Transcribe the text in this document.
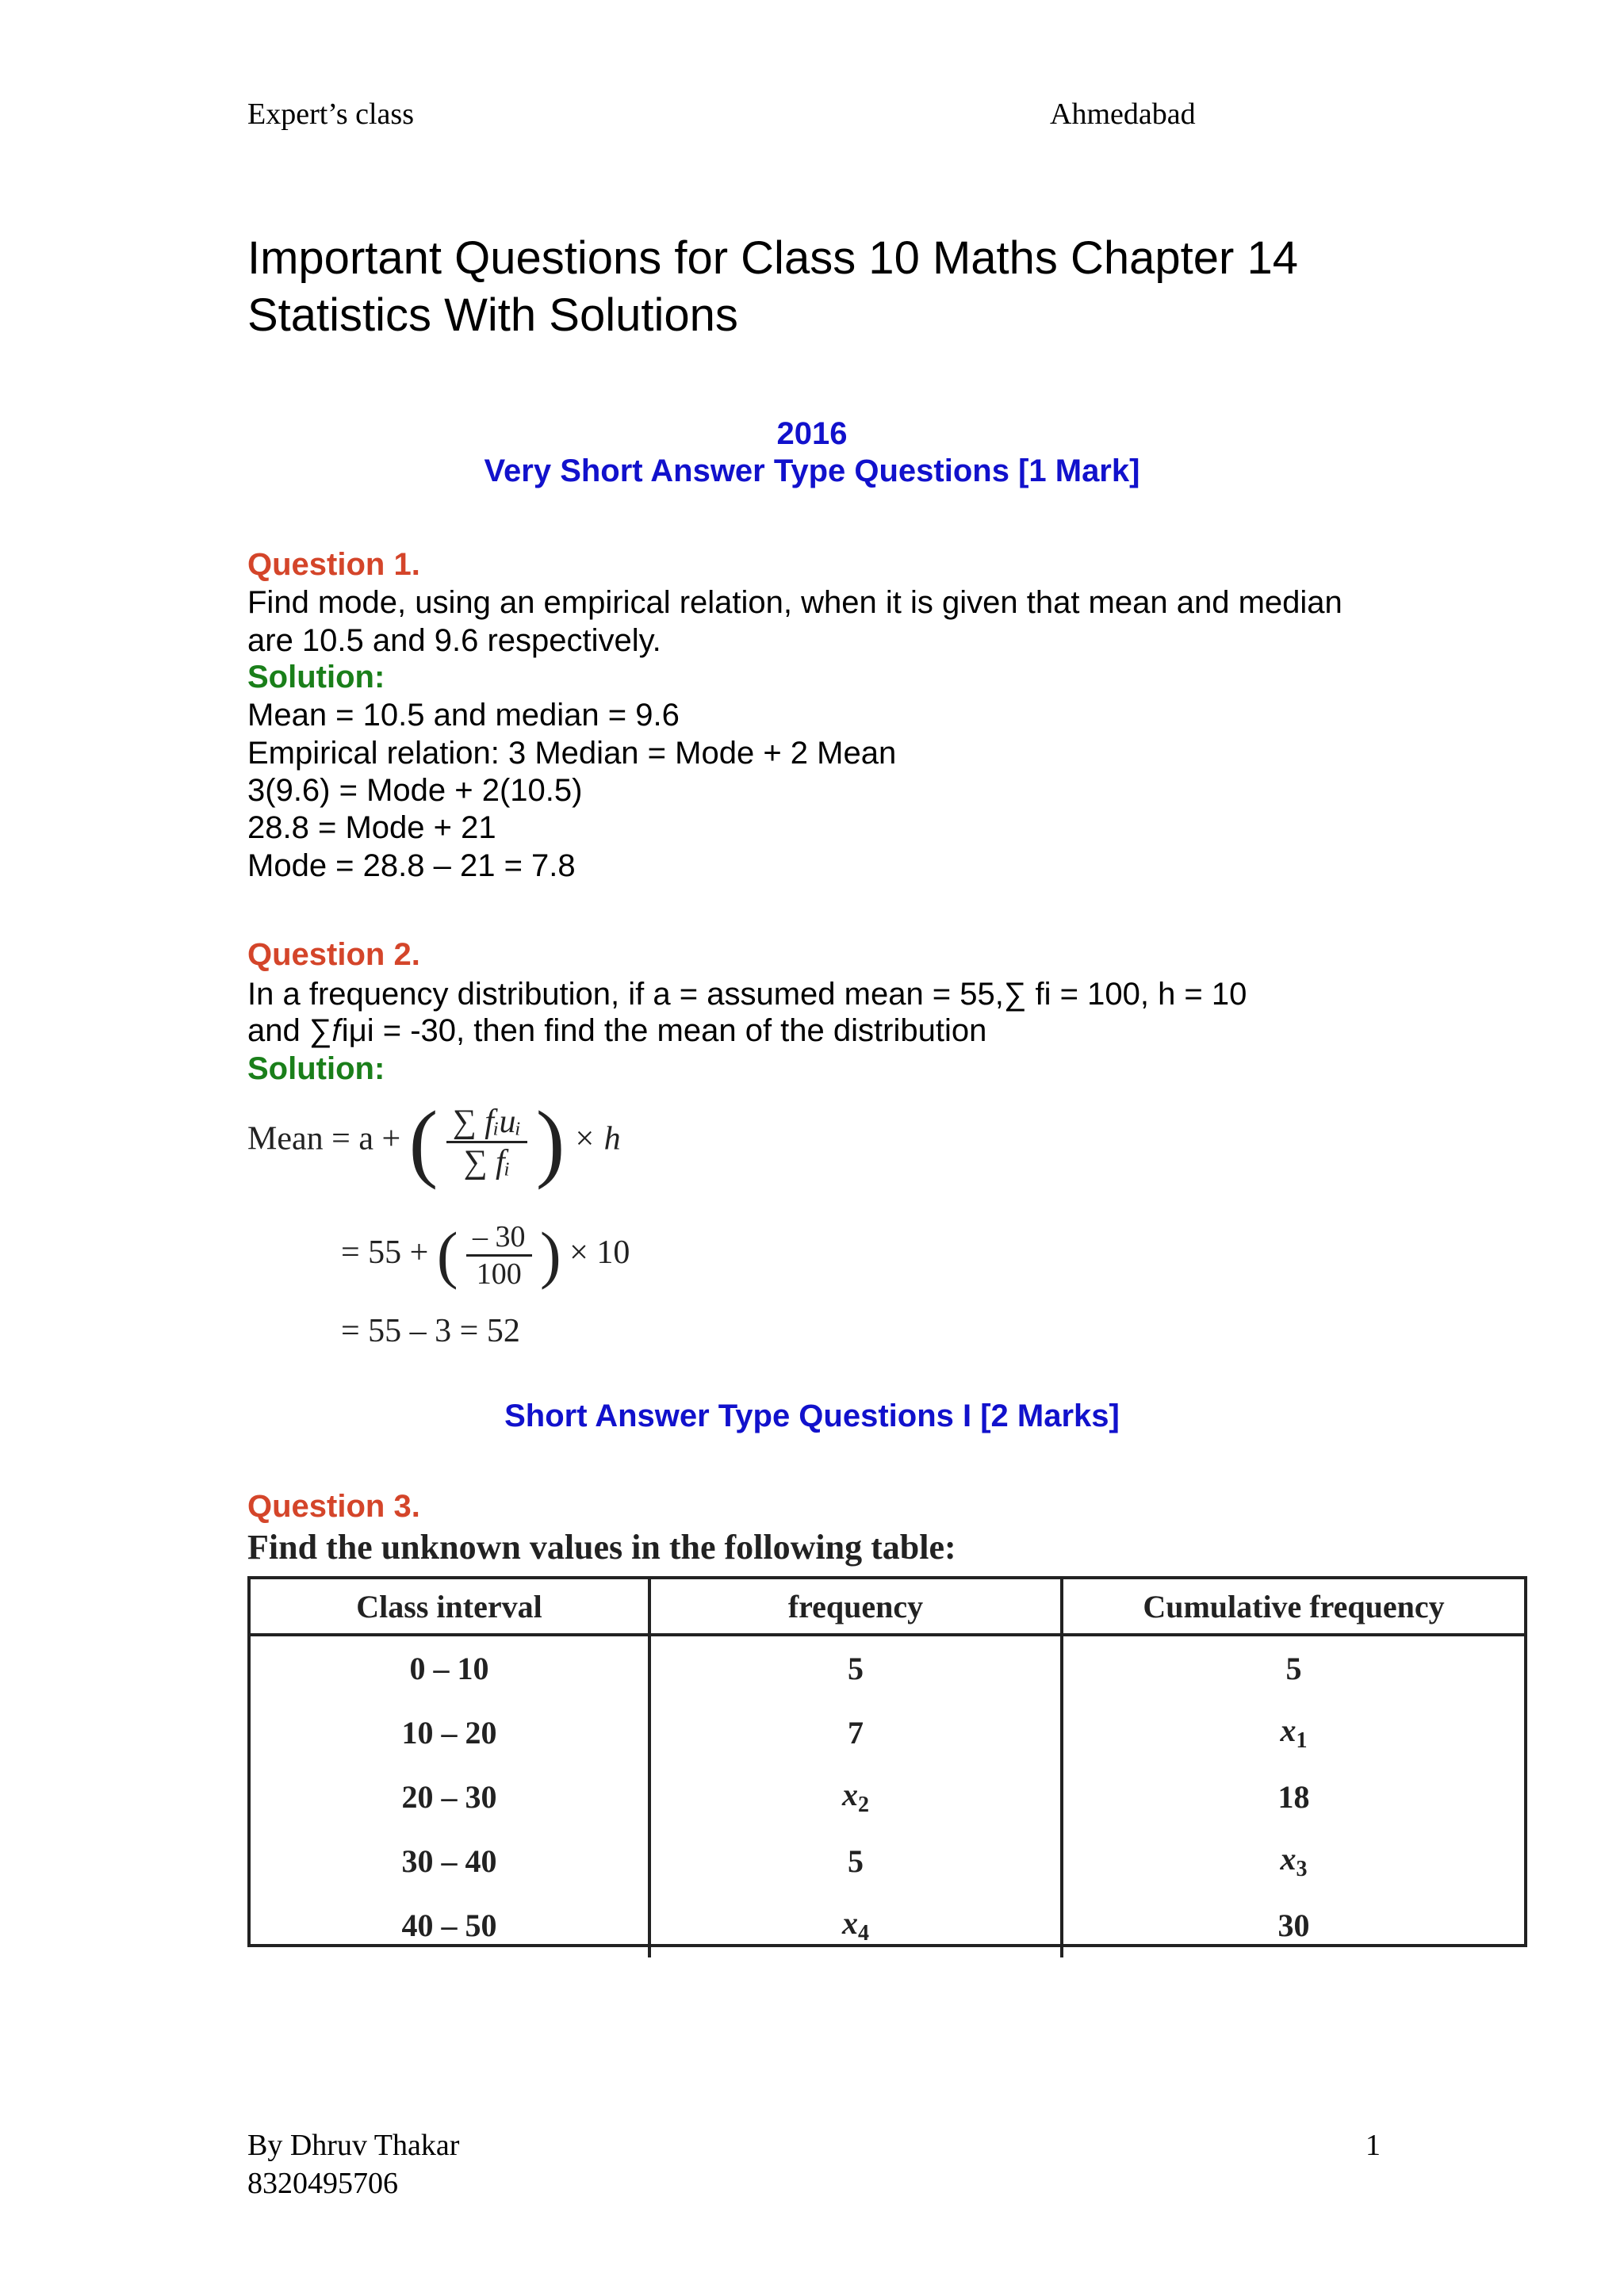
Expert’s class	Ahmedabad
Important Questions for Class 10 Maths Chapter 14
Statistics With Solutions
2016
Very Short Answer Type Questions [1 Mark]
Question 1.
Find mode, using an empirical relation, when it is given that mean and median
are 10.5 and 9.6 respectively.
Solution:
Mean = 10.5 and median = 9.6
Empirical relation: 3 Median = Mode + 2 Mean
3(9.6) = Mode + 2(10.5)
28.8 = Mode + 21
Mode = 28.8 – 21 = 7.8
Question 2.
In a frequency distribution, if a = assumed mean = 55,∑ fi = 100, h = 10
and ∑𝑓iμi = -30, then find the mean of the distribution
Solution:
Mean = a + ( $\frac{\text{∑ fᵢuᵢ}}{\text{∑ fᵢ}}$ ) × h
= 55 + ( $\frac{- 30}{100}$ ) × 10
= 55 – 3 = 52
Short Answer Type Questions I [2 Marks]
Question 3.
Find the unknown values in the following table:
Class interval	frequency	Cumulative frequency
0 – 10	5	5
10 – 20	7	$x_1$
20 – 30	$x_2$	18
30 – 40	5	$x_3$
40 – 50	$x_4$	30
By Dhruv Thakar
8320495706
1
